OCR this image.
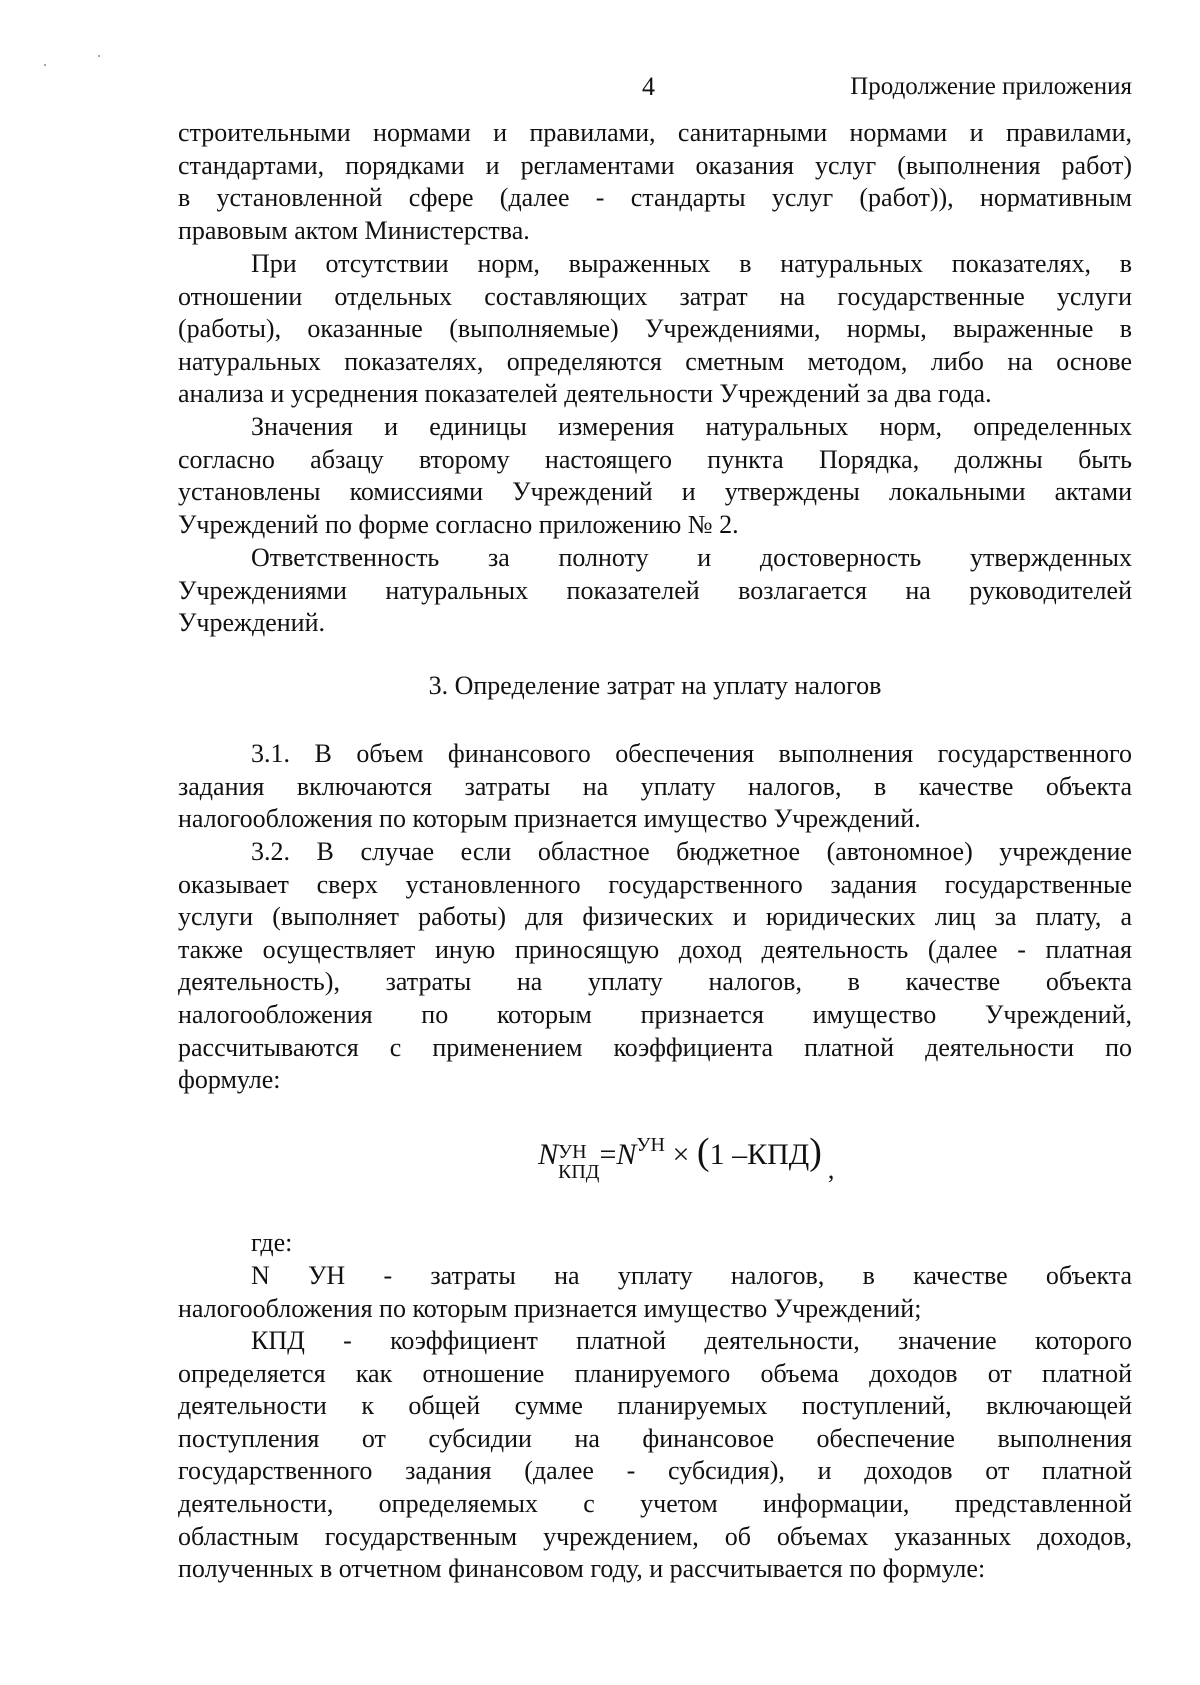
4	Продолжение приложения
строительными нормами и правилами, санитарными нормами и правилами,
стандартами, порядками и регламентами оказания услуг (выполнения работ)
в установленной сфере (далее - стандарты услуг (работ)), нормативным
правовым актом Министерства.
При отсутствии норм, выраженных в натуральных показателях, в
отношении отдельных составляющих затрат на государственные услуги
(работы), оказанные (выполняемые) Учреждениями, нормы, выраженные в
натуральных показателях, определяются сметным методом, либо на основе
анализа и усреднения показателей деятельности Учреждений за два года.
Значения и единицы измерения натуральных норм, определенных
согласно абзацу второму настоящего пункта Порядка, должны быть
установлены комиссиями Учреждений и утверждены локальными актами
Учреждений по форме согласно приложению № 2.
Ответственность за полноту и достоверность утвержденных
Учреждениями натуральных показателей возлагается на руководителей
Учреждений.
3. Определение затрат на уплату налогов
3.1. В объем финансового обеспечения выполнения государственного
задания включаются затраты на уплату налогов, в качестве объекта
налогообложения по которым признается имущество Учреждений.
3.2. В случае если областное бюджетное (автономное) учреждение
оказывает сверх установленного государственного задания государственные
услуги (выполняет работы) для физических и юридических лиц за плату, а
также осуществляет иную приносящую доход деятельность (далее - платная
деятельность), затраты на уплату налогов, в качестве объекта
налогообложения по которым признается имущество Учреждений,
рассчитываются с применением коэффициента платной деятельности по
формуле:
N УН
КПД
$=N^{УН} \times (1$ –КПД) ,
где:
N УН - затраты на уплату налогов, в качестве объекта
налогообложения по которым признается имущество Учреждений;
КПД - коэффициент платной деятельности, значение которого
определяется как отношение планируемого объема доходов от платной
деятельности к общей сумме планируемых поступлений, включающей
поступления от субсидии на финансовое обеспечение выполнения
государственного задания (далее - субсидия), и доходов от платной
деятельности, определяемых с учетом информации, представленной
областным государственным учреждением, об объемах указанных доходов,
полученных в отчетном финансовом году, и рассчитывается по формуле:
